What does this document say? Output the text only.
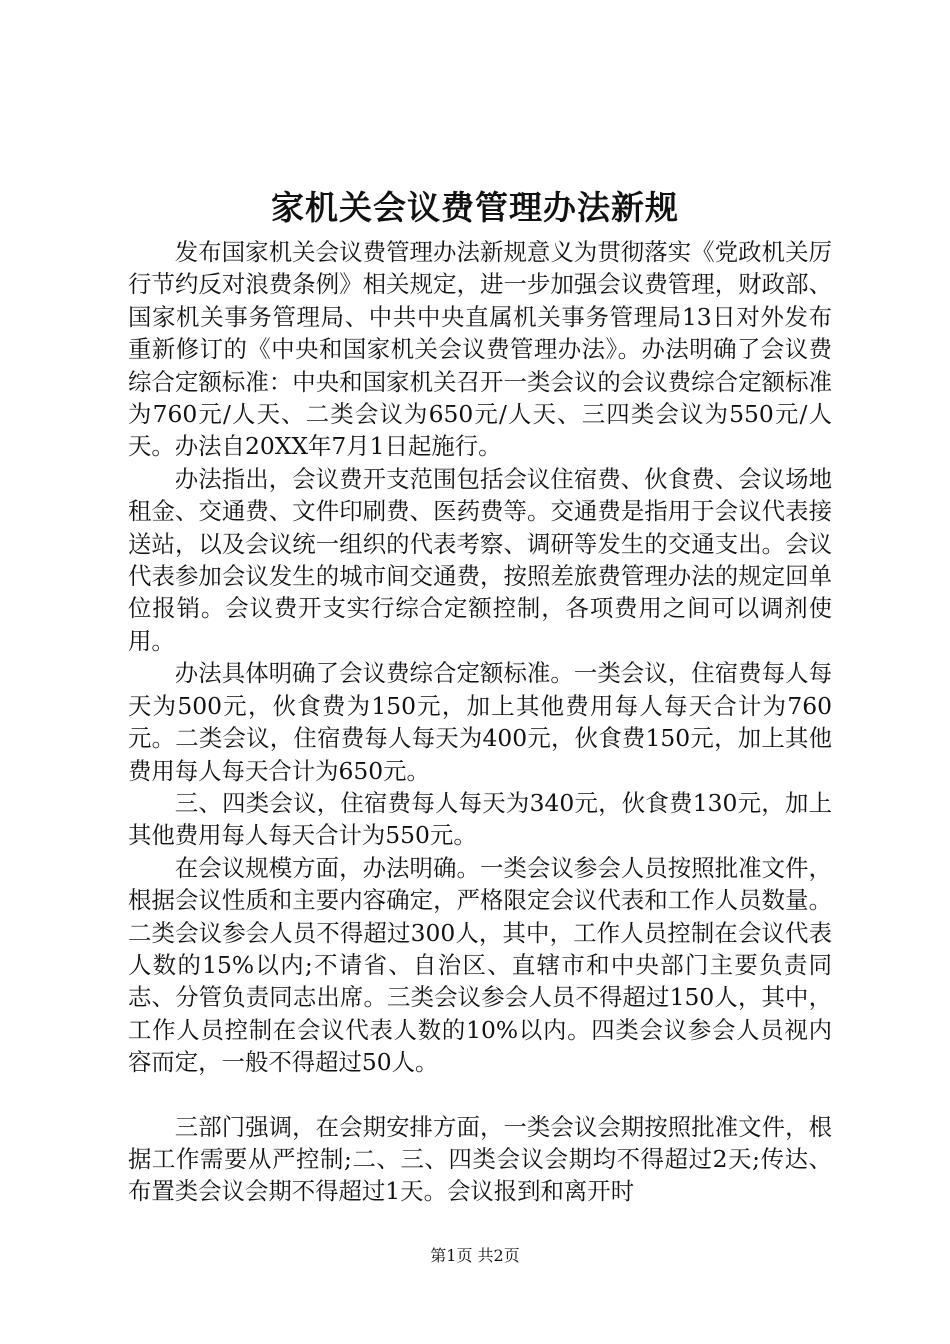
家机关会议费管理办法新规

发布国家机关会议费管理办法新规意义为贯彻落实《党政机关厉行节约反对浪费条例》相关规定，进一步加强会议费管理，财政部、国家机关事务管理局、中共中央直属机关事务管理局13日对外发布重新修订的《中央和国家机关会议费管理办法》。办法明确了会议费综合定额标准：中央和国家机关召开一类会议的会议费综合定额标准为760元/人天、二类会议为650元/人天、三四类会议为550元/人天。办法自20XX年7月1日起施行。

办法指出，会议费开支范围包括会议住宿费、伙食费、会议场地租金、交通费、文件印刷费、医药费等。交通费是指用于会议代表接送站，以及会议统一组织的代表考察、调研等发生的交通支出。会议代表参加会议发生的城市间交通费，按照差旅费管理办法的规定回单位报销。会议费开支实行综合定额控制，各项费用之间可以调剂使用。

办法具体明确了会议费综合定额标准。一类会议，住宿费每人每天为500元，伙食费为150元，加上其他费用每人每天合计为760元。二类会议，住宿费每人每天为400元，伙食费150元，加上其他费用每人每天合计为650元。

三、四类会议，住宿费每人每天为340元，伙食费130元，加上其他费用每人每天合计为550元。

在会议规模方面，办法明确。一类会议参会人员按照批准文件，根据会议性质和主要内容确定，严格限定会议代表和工作人员数量。二类会议参会人员不得超过300人，其中，工作人员控制在会议代表人数的15%以内;不请省、自治区、直辖市和中央部门主要负责同志、分管负责同志出席。三类会议参会人员不得超过150人，其中，工作人员控制在会议代表人数的10%以内。四类会议参会人员视内容而定，一般不得超过50人。

三部门强调，在会期安排方面，一类会议会期按照批准文件，根据工作需要从严控制;二、三、四类会议会期均不得超过2天;传达、布置类会议会期不得超过1天。会议报到和离开时

第1页 共2页
